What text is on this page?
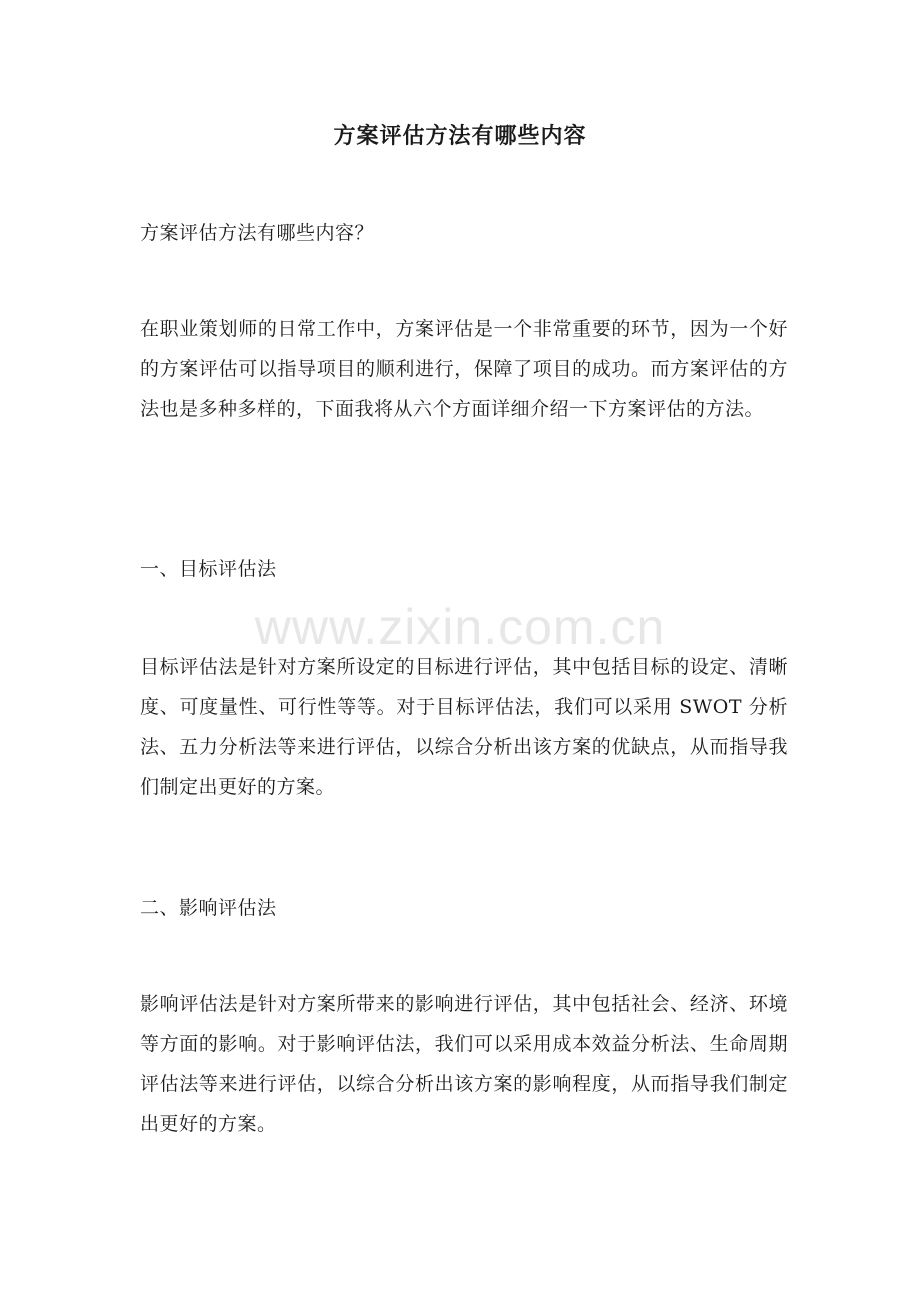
方案评估方法有哪些内容
方案评估方法有哪些内容？
在职业策划师的日常工作中，方案评估是一个非常重要的环节，因为一个好的方案评估可以指导项目的顺利进行，保障了项目的成功。而方案评估的方法也是多种多样的，下面我将从六个方面详细介绍一下方案评估的方法。
一、目标评估法
目标评估法是针对方案所设定的目标进行评估，其中包括目标的设定、清晰度、可度量性、可行性等等。对于目标评估法，我们可以采用 SWOT 分析法、五力分析法等来进行评估，以综合分析出该方案的优缺点，从而指导我们制定出更好的方案。
二、影响评估法
影响评估法是针对方案所带来的影响进行评估，其中包括社会、经济、环境等方面的影响。对于影响评估法，我们可以采用成本效益分析法、生命周期评估法等来进行评估，以综合分析出该方案的影响程度，从而指导我们制定出更好的方案。
www.zixin.com.cn
